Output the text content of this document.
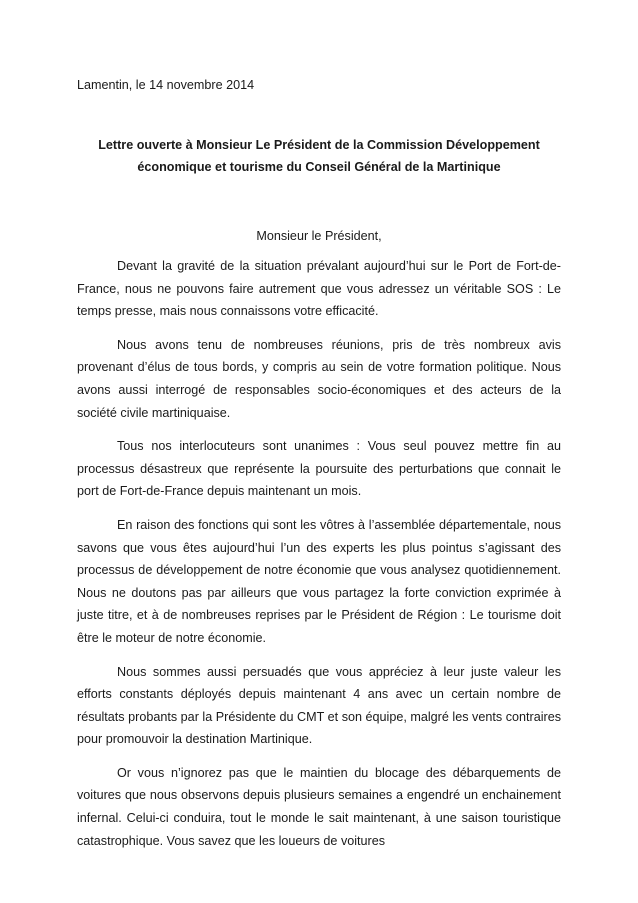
Lamentin, le 14 novembre 2014
Lettre ouverte à Monsieur Le Président de la Commission Développement
économique et tourisme du Conseil Général de la Martinique
Monsieur le Président,

Devant la gravité de la situation prévalant aujourd’hui sur le Port de Fort-de-France, nous ne pouvons faire autrement que vous adressez un véritable SOS : Le temps presse, mais nous connaissons votre efficacité.

Nous avons tenu de nombreuses réunions, pris de très nombreux avis provenant d’élus de tous bords, y compris au sein de votre formation politique. Nous avons aussi interrogé de responsables socio-économiques et des acteurs de la société civile martiniquaise.

Tous nos interlocuteurs sont unanimes : Vous seul pouvez mettre fin au processus désastreux que représente la poursuite des perturbations que connait le port de Fort-de-France depuis maintenant un mois.

En raison des fonctions qui sont les vôtres à l’assemblée départementale, nous savons que vous êtes aujourd’hui l’un des experts les plus pointus s’agissant des processus de développement de notre économie que vous analysez quotidiennement. Nous ne doutons pas par ailleurs que vous partagez la forte conviction exprimée à juste titre, et à de nombreuses reprises par le Président de Région : Le tourisme doit être le moteur de notre économie.

Nous sommes aussi persuadés que vous appréciez à leur juste valeur les efforts constants déployés depuis maintenant 4 ans avec un certain nombre de résultats probants par la Présidente du CMT et son équipe, malgré les vents contraires pour promouvoir la destination Martinique.

Or vous n’ignorez pas que le maintien du blocage des débarquements de voitures que nous observons depuis plusieurs semaines a engendré un enchainement infernal. Celui-ci conduira, tout le monde le sait maintenant, à une saison touristique catastrophique. Vous savez que les loueurs de voitures
